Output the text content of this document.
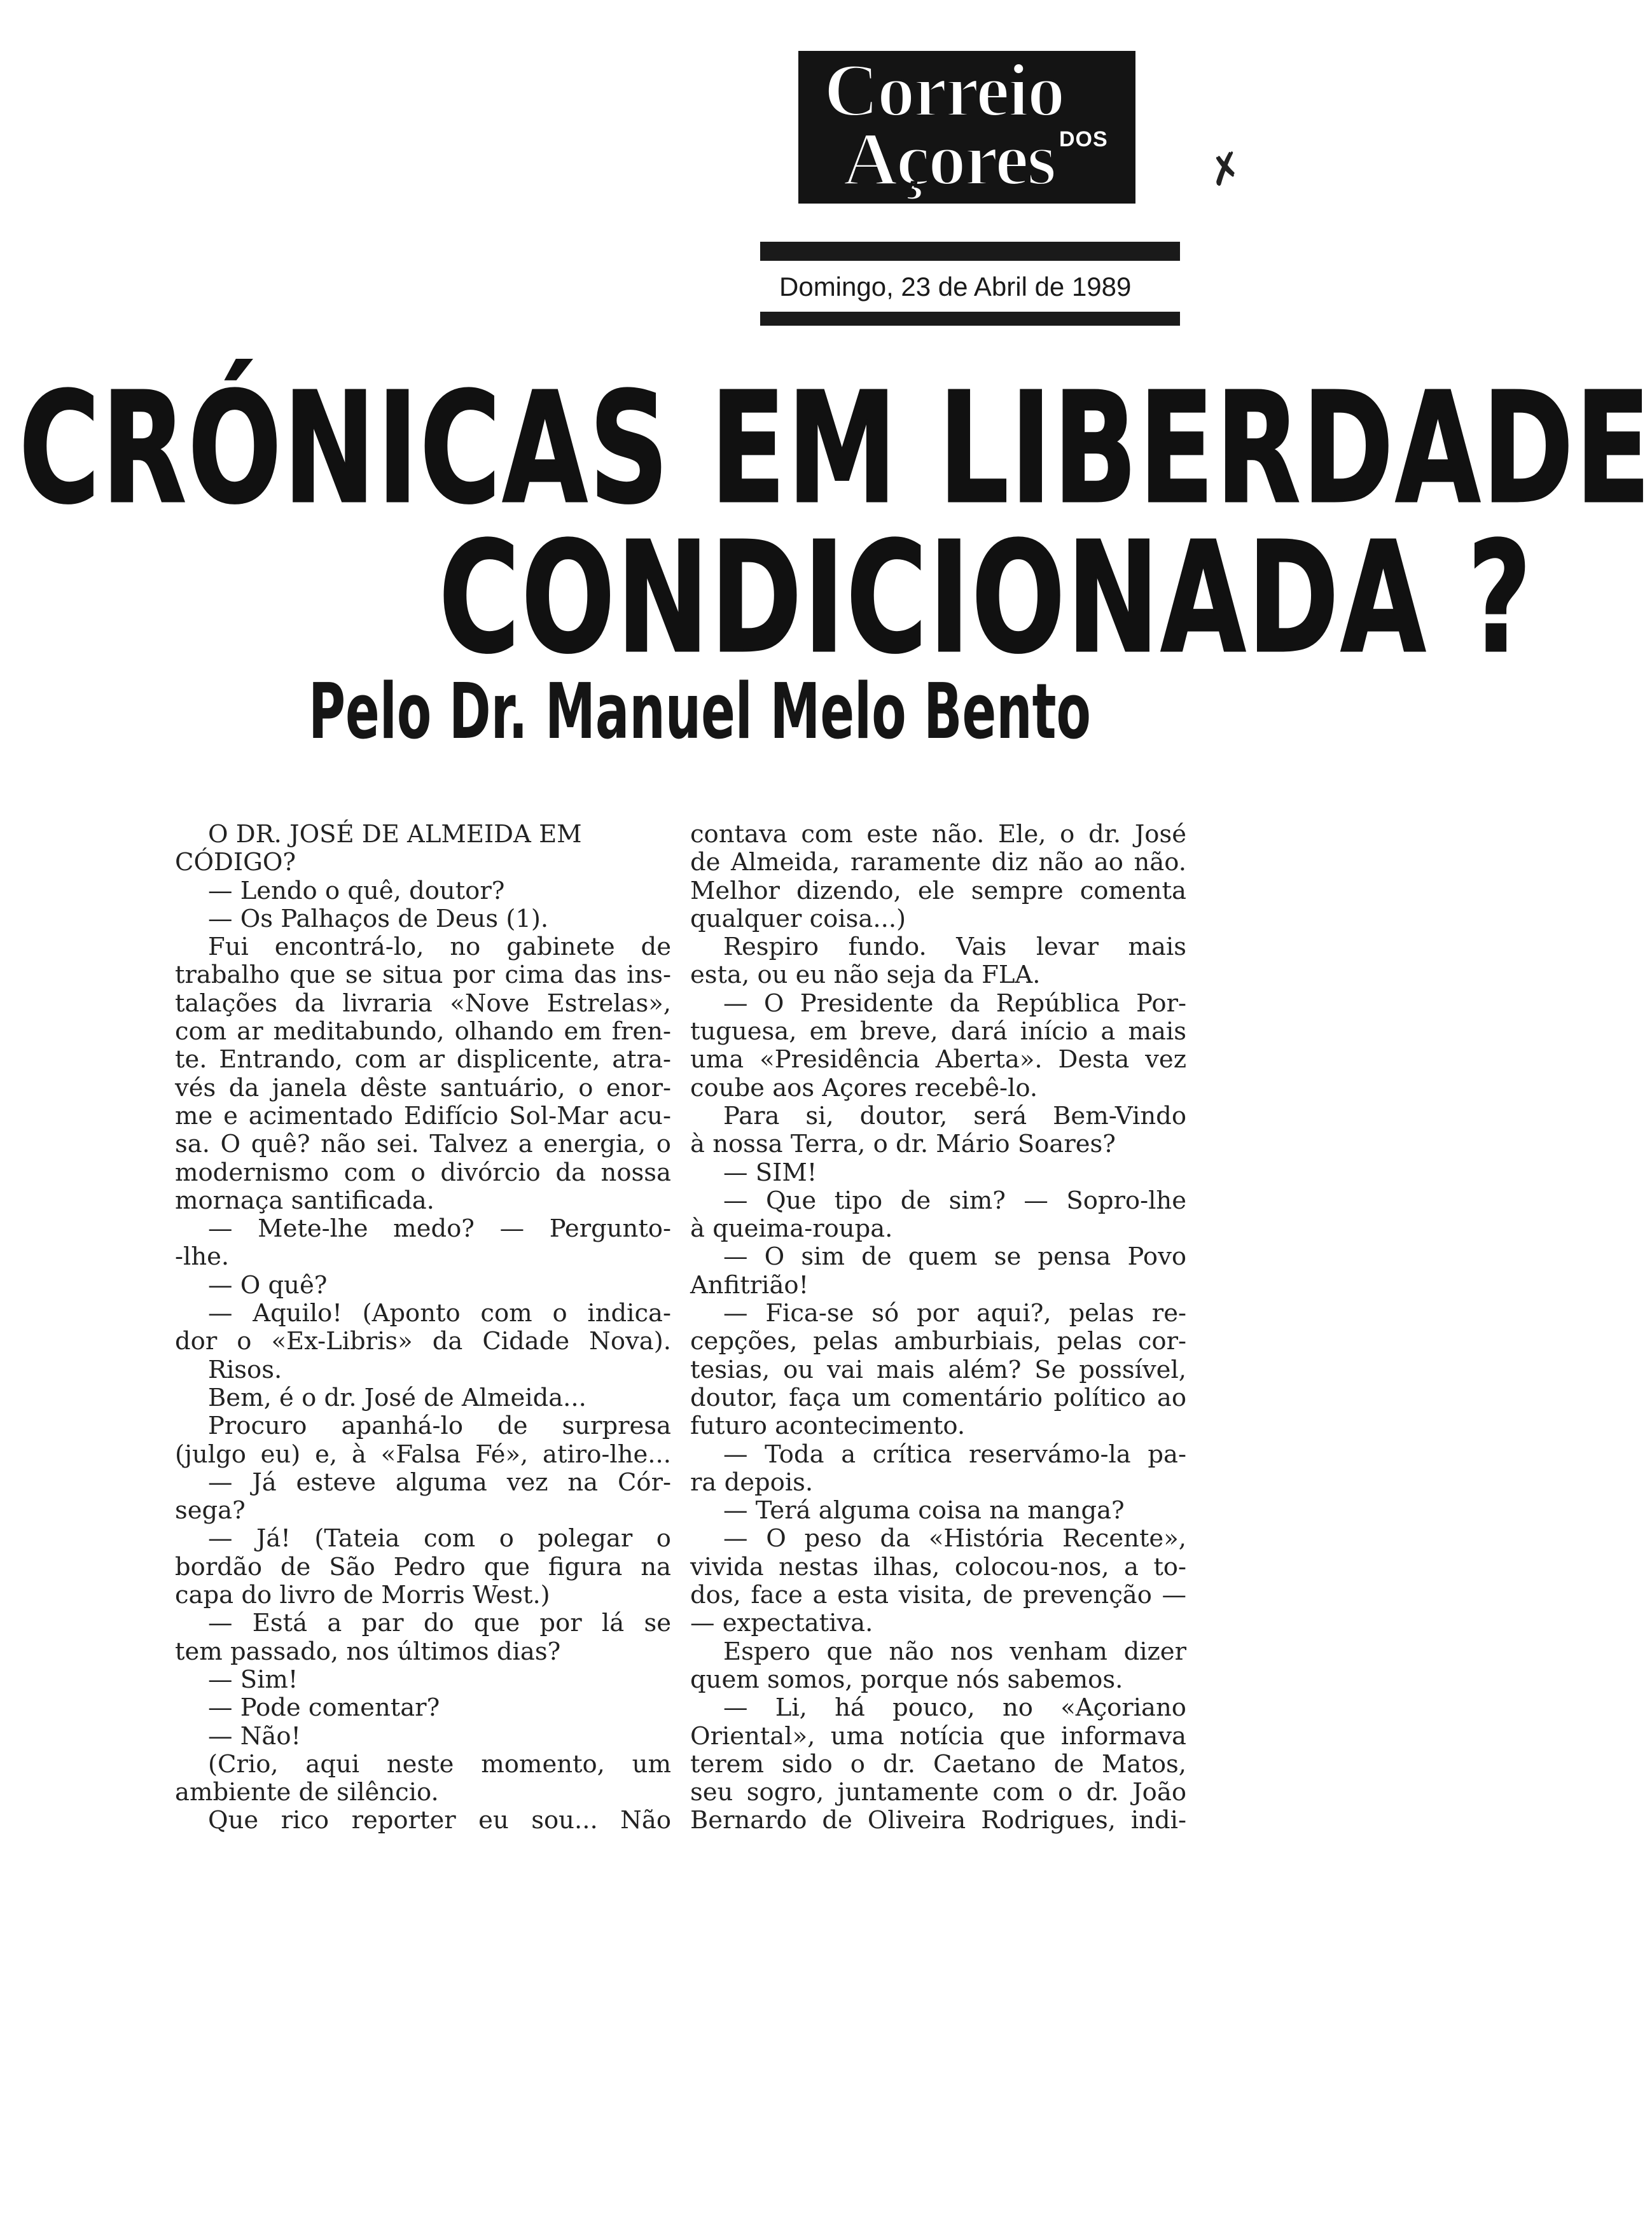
Correio
DOS
Açores	✗
Domingo, 23 de Abril de 1989
CRÓNICAS EM LIBERDADE
CONDICIONADA ?
Pelo Dr. Manuel Melo Bento

O DR. JOSÉ DE ALMEIDA EM

CÓDIGO?

— Lendo o quê, doutor?

— Os Palhaços de Deus (1).

Fui encontrá-lo, no gabinete de

trabalho que se situa por cima das ins-

talações da livraria «Nove Estrelas»,

com ar meditabundo, olhando em fren-

te. Entrando, com ar displicente, atra-

vés da janela dêste santuário, o enor-

me e acimentado Edifício Sol-Mar acu-

sa. O quê? não sei. Talvez a energia, o

modernismo com o divórcio da nossa

mornaça santificada.

— Mete-lhe medo? — Pergunto-

-lhe.

— O quê?

— Aquilo! (Aponto com o indica-

dor o «Ex-Libris» da Cidade Nova).

Risos.

Bem, é o dr. José de Almeida...

Procuro apanhá-lo de surpresa

(julgo eu) e, à «Falsa Fé», atiro-lhe...

— Já esteve alguma vez na Cór-

sega?

— Já! (Tateia com o polegar o

bordão de São Pedro que figura na

capa do livro de Morris West.)

— Está a par do que por lá se

tem passado, nos últimos dias?

— Sim!

— Pode comentar?

— Não!

(Crio, aqui neste momento, um

ambiente de silêncio.

Que rico reporter eu sou... Não

contava com este não. Ele, o dr. José

de Almeida, raramente diz não ao não.

Melhor dizendo, ele sempre comenta

qualquer coisa...)

Respiro fundo. Vais levar mais

esta, ou eu não seja da FLA.

— O Presidente da República Por-

tuguesa, em breve, dará início a mais

uma «Presidência Aberta». Desta vez

coube aos Açores recebê-lo.

Para si, doutor, será Bem-Vindo

à nossa Terra, o dr. Mário Soares?

— SIM!

— Que tipo de sim? — Sopro-lhe

à queima-roupa.

— O sim de quem se pensa Povo

Anfitrião!

— Fica-se só por aqui?, pelas re-

cepções, pelas amburbiais, pelas cor-

tesias, ou vai mais além? Se possível,

doutor, faça um comentário político ao

futuro acontecimento.

— Toda a crítica reservámo-la pa-

ra depois.

— Terá alguma coisa na manga?

— O peso da «História Recente»,

vivida nestas ilhas, colocou-nos, a to-

dos, face a esta visita, de prevenção —

— expectativa.

Espero que não nos venham dizer

quem somos, porque nós sabemos.

— Li, há pouco, no «Açoriano

Oriental», uma notícia que informava

terem sido o dr. Caetano de Matos,

seu sogro, juntamente com o dr. João

Bernardo de Oliveira Rodrigues, indi-
